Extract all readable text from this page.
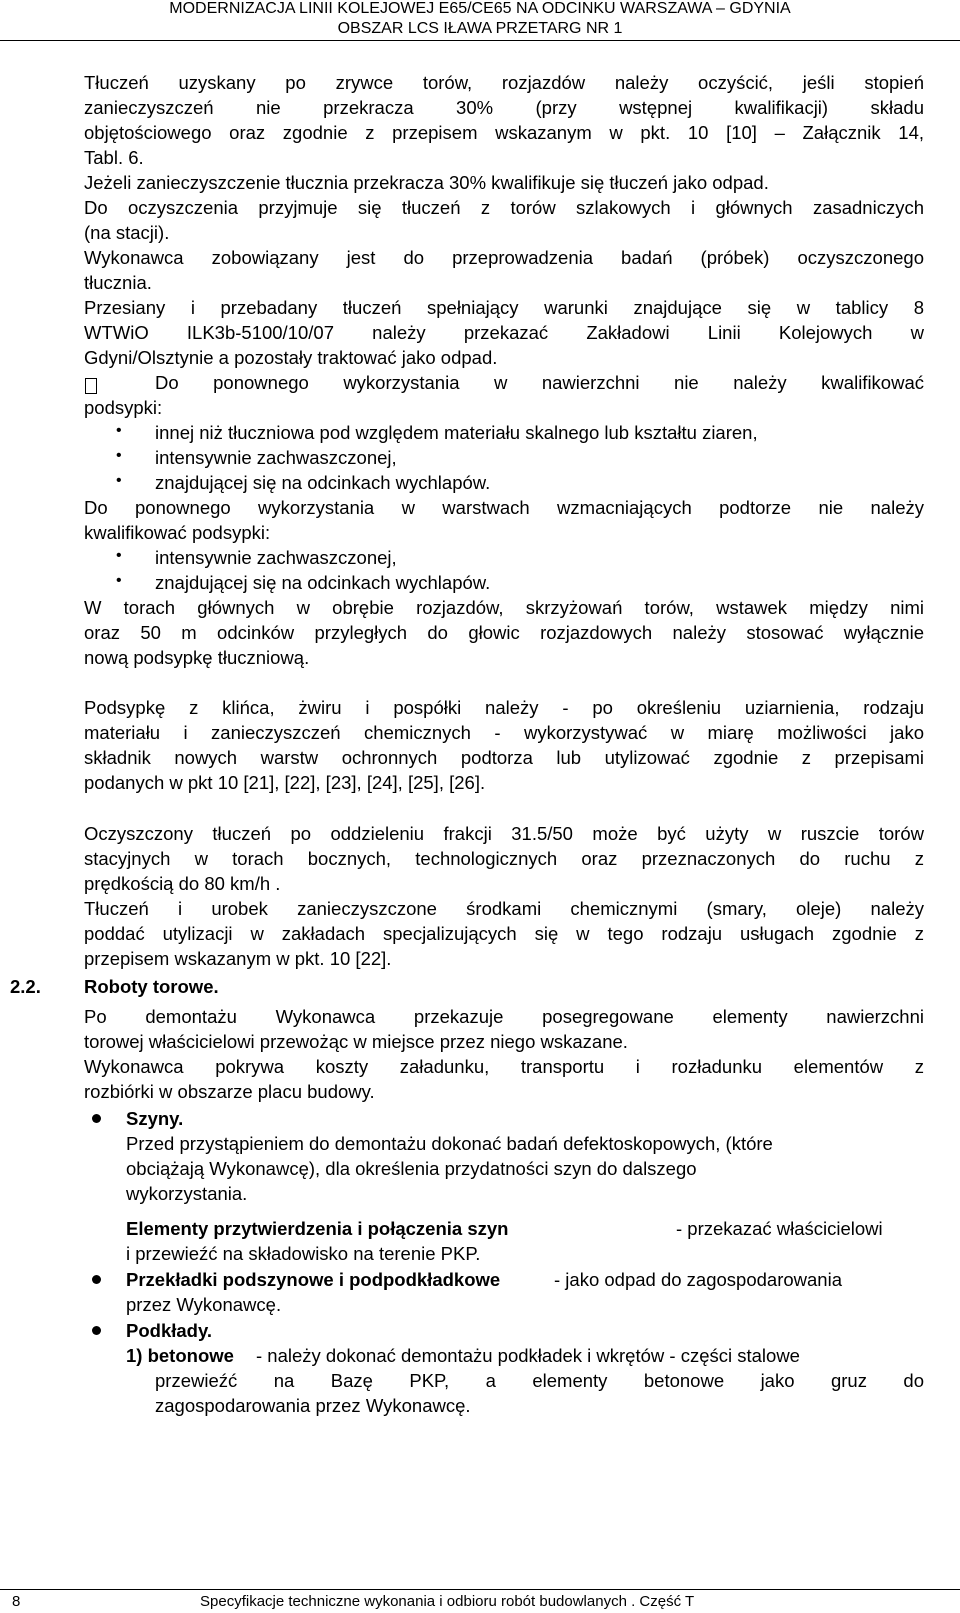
MODERNIZACJA LINII KOLEJOWEJ E65/CE65 NA ODCINKU WARSZAWA – GDYNIA
OBSZAR LCS IŁAWA PRZETARG NR 1
Tłuczeń uzyskany po zrywce torów, rozjazdów należy oczyścić, jeśli stopień
zanieczyszczeń nie przekracza 30% (przy wstępnej kwalifikacji) składu
objętościowego oraz zgodnie z przepisem wskazanym w pkt. 10 [10] – Załącznik 14,
Tabl. 6.
Jeżeli zanieczyszczenie tłucznia przekracza 30% kwalifikuje się tłuczeń jako odpad.
Do oczyszczenia przyjmuje się tłuczeń z torów szlakowych i głównych zasadniczych
(na stacji).
Wykonawca zobowiązany jest do przeprowadzenia badań (próbek) oczyszczonego
tłucznia.
Przesiany i przebadany tłuczeń spełniający warunki znajdujące się w tablicy 8
WTWiO ILK3b-5100/10/07 należy przekazać Zakładowi Linii Kolejowych w
Gdyni/Olsztynie a pozostały traktować jako odpad.
Do ponownego wykorzystania w nawierzchni nie należy kwalifikować
podsypki:
• innej niż tłuczniowa pod względem materiału skalnego lub kształtu ziaren,
• intensywnie zachwaszczonej,
• znajdującej się na odcinkach wychlapów.
Do ponownego wykorzystania w warstwach wzmacniających podtorze nie należy
kwalifikować podsypki:
• intensywnie zachwaszczonej,
• znajdującej się na odcinkach wychlapów.
W torach głównych w obrębie rozjazdów, skrzyżowań torów, wstawek między nimi
oraz 50 m odcinków przyległych do głowic rozjazdowych należy stosować wyłącznie
nową podsypkę tłuczniową.
Podsypkę z klińca, żwiru i pospółki należy - po określeniu uziarnienia, rodzaju
materiału i zanieczyszczeń chemicznych - wykorzystywać w miarę możliwości jako
składnik nowych warstw ochronnych podtorza lub utylizować zgodnie z przepisami
podanych w pkt 10 [21], [22], [23], [24], [25], [26].
Oczyszczony tłuczeń po oddzieleniu frakcji 31.5/50 może być użyty w ruszcie torów
stacyjnych w torach bocznych, technologicznych oraz przeznaczonych do ruchu z
prędkością do 80 km/h .
Tłuczeń i urobek zanieczyszczone środkami chemicznymi (smary, oleje) należy
poddać utylizacji w zakładach specjalizujących się w tego rodzaju usługach zgodnie z
przepisem wskazanym w pkt. 10 [22].
2.2. Roboty torowe.
Po demontażu Wykonawca przekazuje posegregowane elementy nawierzchni
torowej właścicielowi przewożąc w miejsce przez niego wskazane.
Wykonawca pokrywa koszty załadunku, transportu i rozładunku elementów z
rozbiórki w obszarze placu budowy.
Szyny.
Przed przystąpieniem do demontażu dokonać badań defektoskopowych, (które
obciążają Wykonawcę), dla określenia przydatności szyn do dalszego
wykorzystania.
Elementy przytwierdzenia i połączenia szyn	- przekazać właścicielowi
i przewieźć na składowisko na terenie PKP.
Przekładki podszynowe i podpodkładkowe	- jako odpad do zagospodarowania
przez Wykonawcę.
Podkłady.
1) betonowe - należy dokonać demontażu podkładek i wkrętów - części stalowe
przewieźć na Bazę PKP, a elementy betonowe jako gruz do
zagospodarowania przez Wykonawcę.
8	Specyfikacje techniczne wykonania i odbioru robót budowlanych . Część T
